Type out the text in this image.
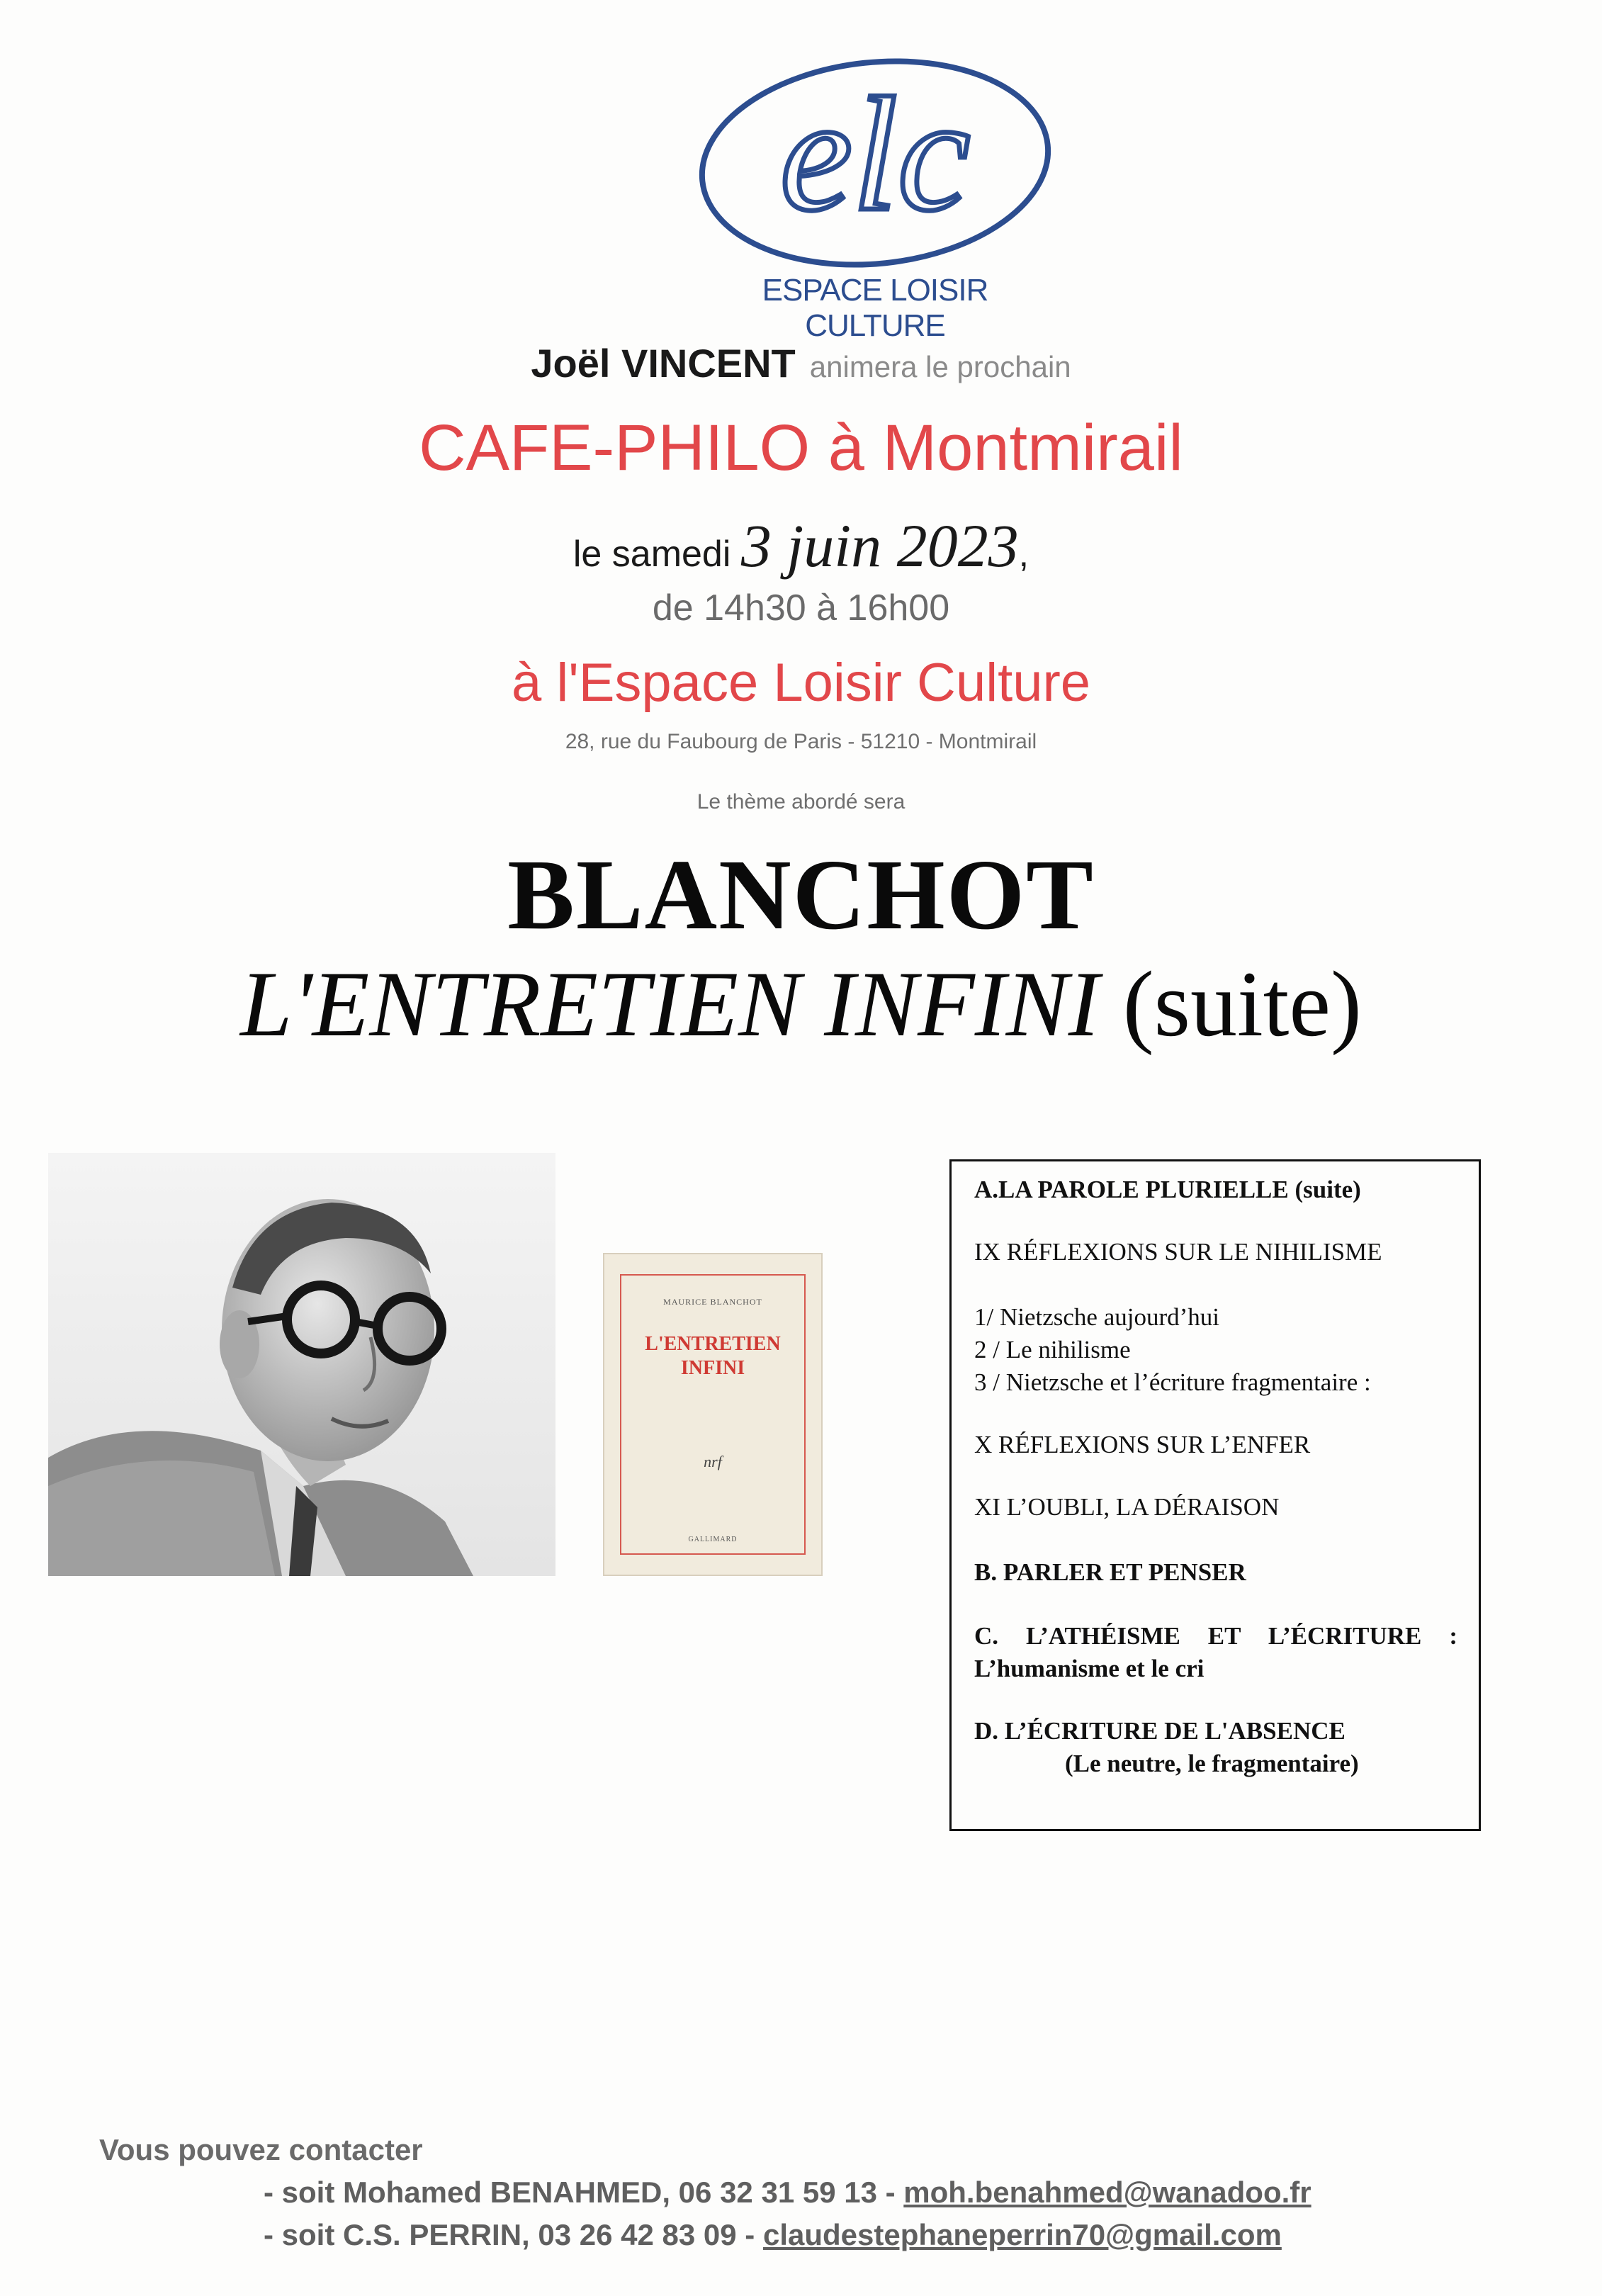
elc
ESPACE LOISIR CULTURE
Joël VINCENT animera le prochain
CAFE-PHILO à Montmirail
le samedi 3 juin 2023,
de 14h30 à 16h00
à l'Espace Loisir Culture
28, rue du Faubourg de Paris - 51210 - Montmirail
Le thème abordé sera
BLANCHOT
L'ENTRETIEN INFINI (suite)
MAURICE BLANCHOT
L'ENTRETIEN
INFINI
nrf
GALLIMARD
A.LA PAROLE PLURIELLE (suite)
IX RÉFLEXIONS SUR LE NIHILISME
1/ Nietzsche aujourd’hui
2 / Le nihilisme
3 / Nietzsche et l’écriture fragmentaire :
X RÉFLEXIONS SUR L’ENFER
XI L’OUBLI, LA DÉRAISON
B. PARLER ET PENSER
C. L’ATHÉISME ET L’ÉCRITURE :
L’humanisme et le cri
D. L’ÉCRITURE DE L'ABSENCE
(Le neutre, le fragmentaire)
Vous pouvez contacter
- soit Mohamed BENAHMED, 06 32 31 59 13 - moh.benahmed@wanadoo.fr
- soit C.S. PERRIN, 03 26 42 83 09 - claudestephaneperrin70@gmail.com
